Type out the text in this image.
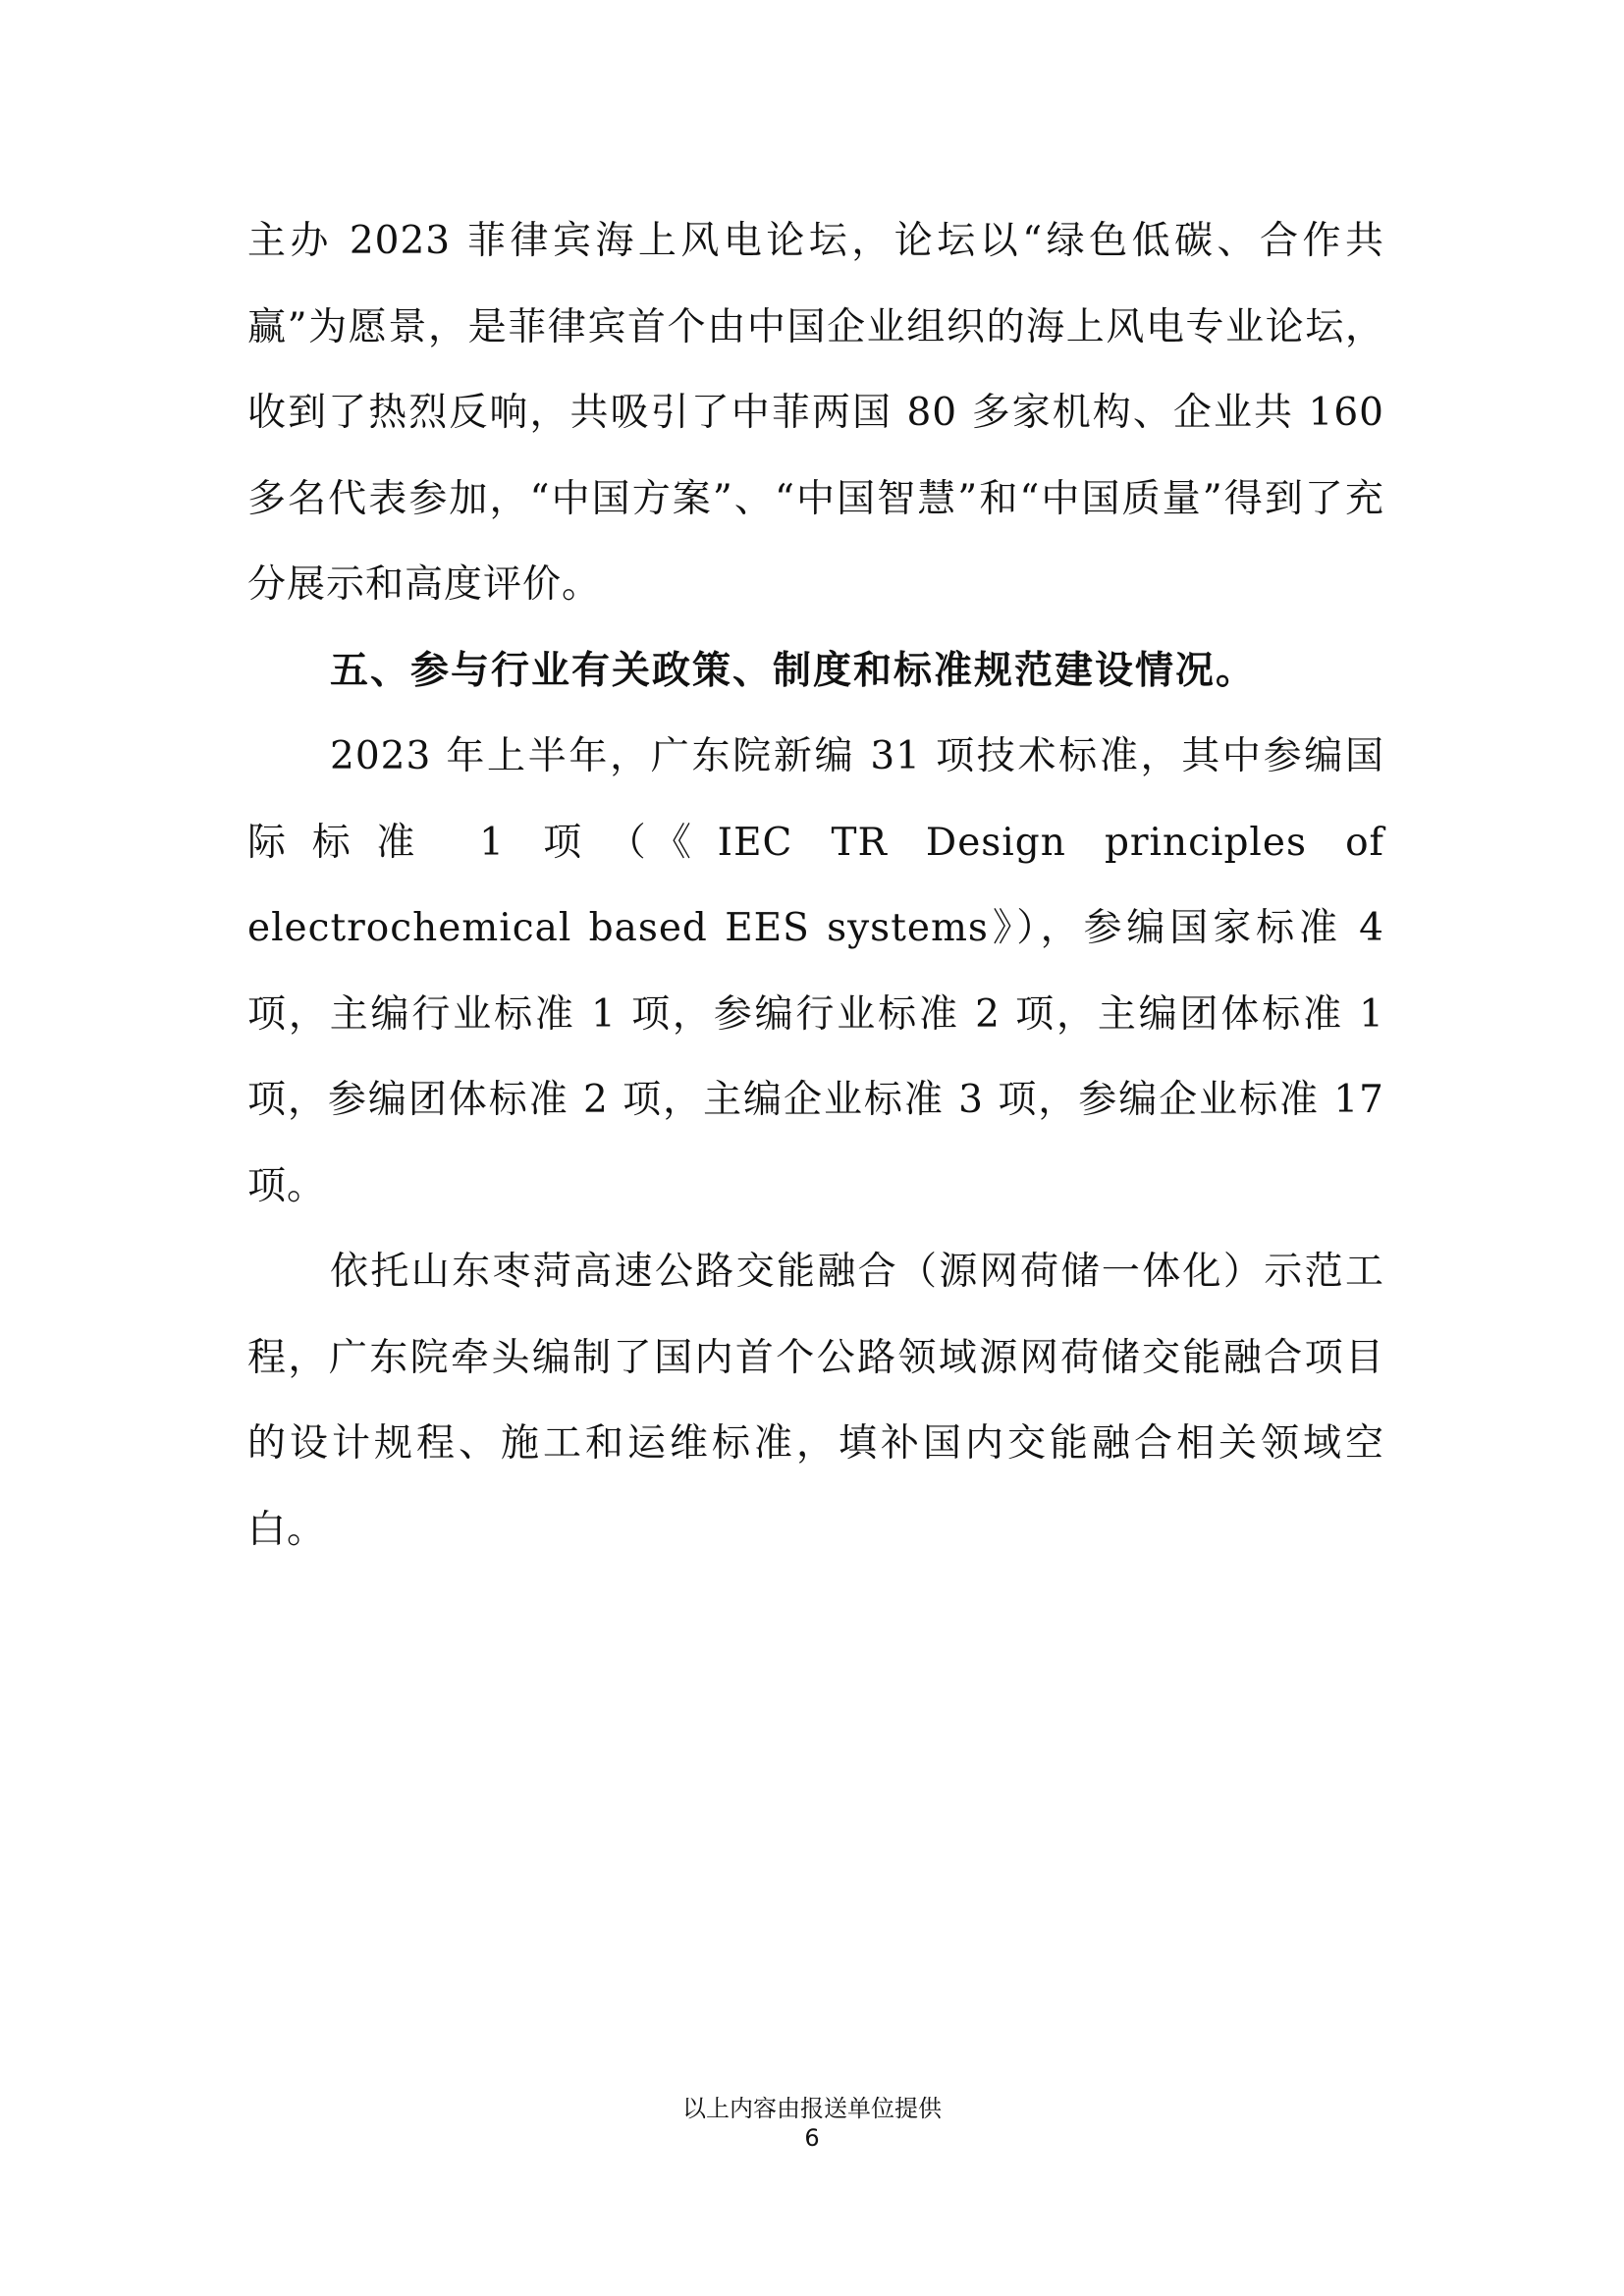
主办 2023 菲律宾海上风电论坛，论坛以“绿色低碳、合作共赢”为愿景，是菲律宾首个由中国企业组织的海上风电专业论坛，收到了热烈反响，共吸引了中菲两国 80 多家机构、企业共 160 多名代表参加，“中国方案”、“中国智慧”和“中国质量”得到了充分展示和高度评价。

五、参与行业有关政策、制度和标准规范建设情况。

2023 年上半年，广东院新编 31 项技术标准，其中参编国际标准 1 项（《IEC TR Design principles of electrochemical based EES systems》），参编国家标准 4 项，主编行业标准 1 项，参编行业标准 2 项，主编团体标准 1 项，参编团体标准 2 项，主编企业标准 3 项，参编企业标准 17 项。

依托山东枣菏高速公路交能融合（源网荷储一体化）示范工程，广东院牵头编制了国内首个公路领域源网荷储交能融合项目的设计规程、施工和运维标准，填补国内交能融合相关领域空白。

以上内容由报送单位提供
6
